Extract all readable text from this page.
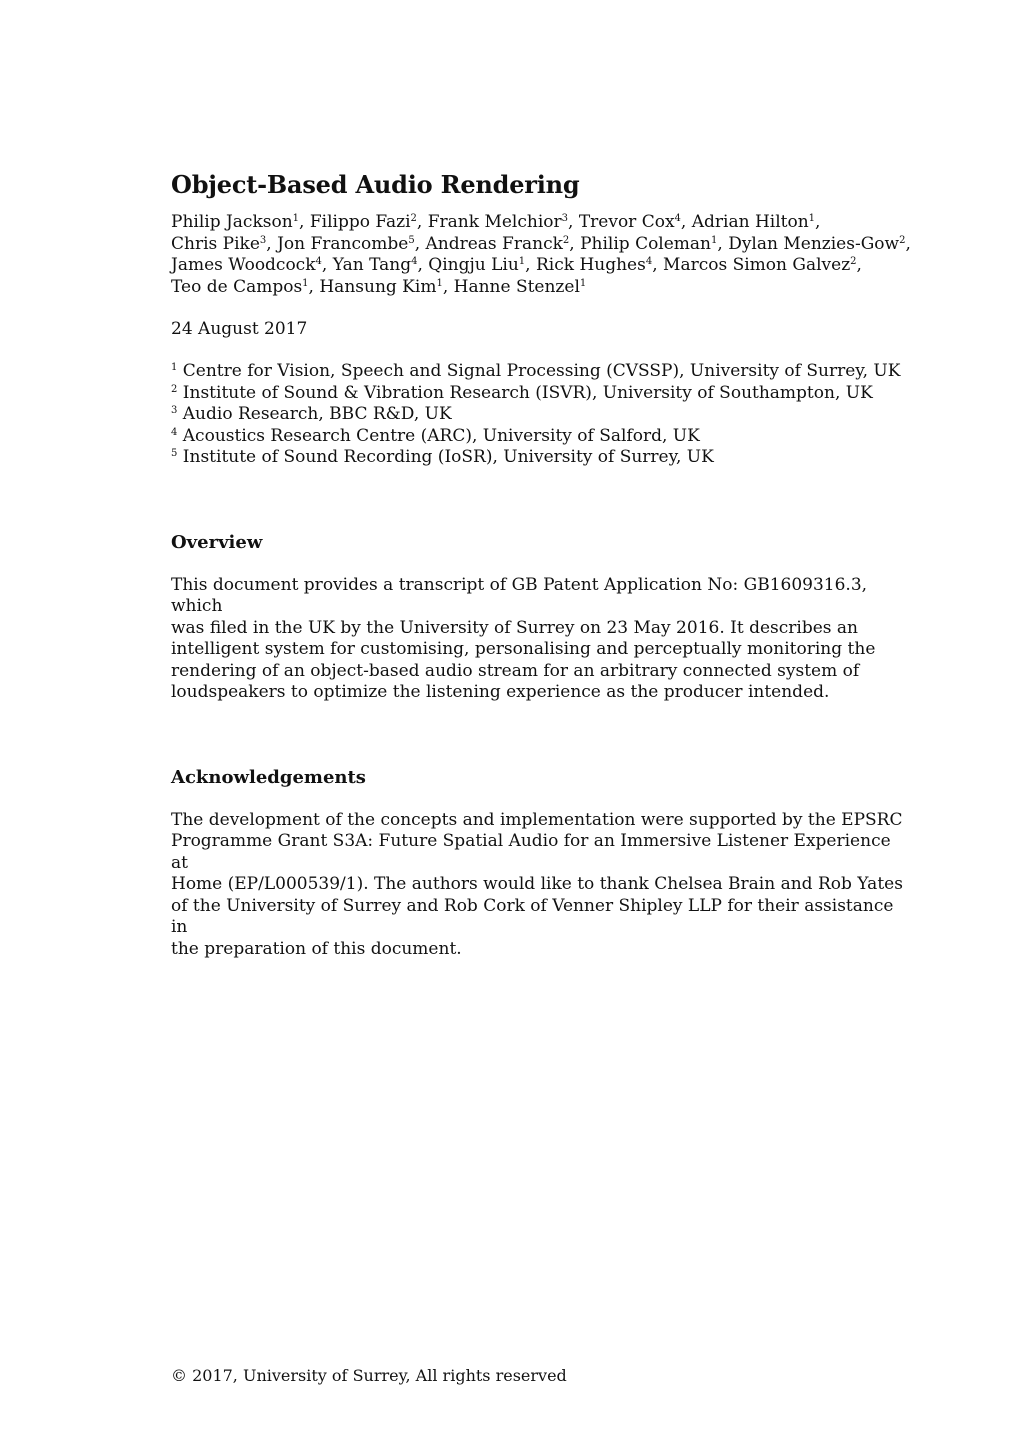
Object-Based Audio Rendering
Philip Jackson$^1$, Filippo Fazi$^2$, Frank Melchior$^3$, Trevor Cox$^4$, Adrian Hilton$^1$,
Chris Pike$^3$, Jon Francombe$^5$, Andreas Franck$^2$, Philip Coleman$^1$, Dylan Menzies-Gow$^2$,
James Woodcock$^4$, Yan Tang$^4$, Qingju Liu$^1$, Rick Hughes$^4$, Marcos Simon Galvez$^2$,
Teo de Campos$^1$, Hansung Kim$^1$, Hanne Stenzel$^1$
24 August 2017
$^1$ Centre for Vision, Speech and Signal Processing (CVSSP), University of Surrey, UK
$^2$ Institute of Sound & Vibration Research (ISVR), University of Southampton, UK
$^3$ Audio Research, BBC R&D, UK
$^4$ Acoustics Research Centre (ARC), University of Salford, UK
$^5$ Institute of Sound Recording (IoSR), University of Surrey, UK
Overview
This document provides a transcript of GB Patent Application No: GB1609316.3, which
was filed in the UK by the University of Surrey on 23 May 2016. It describes an
intelligent system for customising, personalising and perceptually monitoring the
rendering of an object-based audio stream for an arbitrary connected system of
loudspeakers to optimize the listening experience as the producer intended.
Acknowledgements
The development of the concepts and implementation were supported by the EPSRC
Programme Grant S3A: Future Spatial Audio for an Immersive Listener Experience at
Home (EP/L000539/1). The authors would like to thank Chelsea Brain and Rob Yates
of the University of Surrey and Rob Cork of Venner Shipley LLP for their assistance in
the preparation of this document.
© 2017, University of Surrey, All rights reserved
